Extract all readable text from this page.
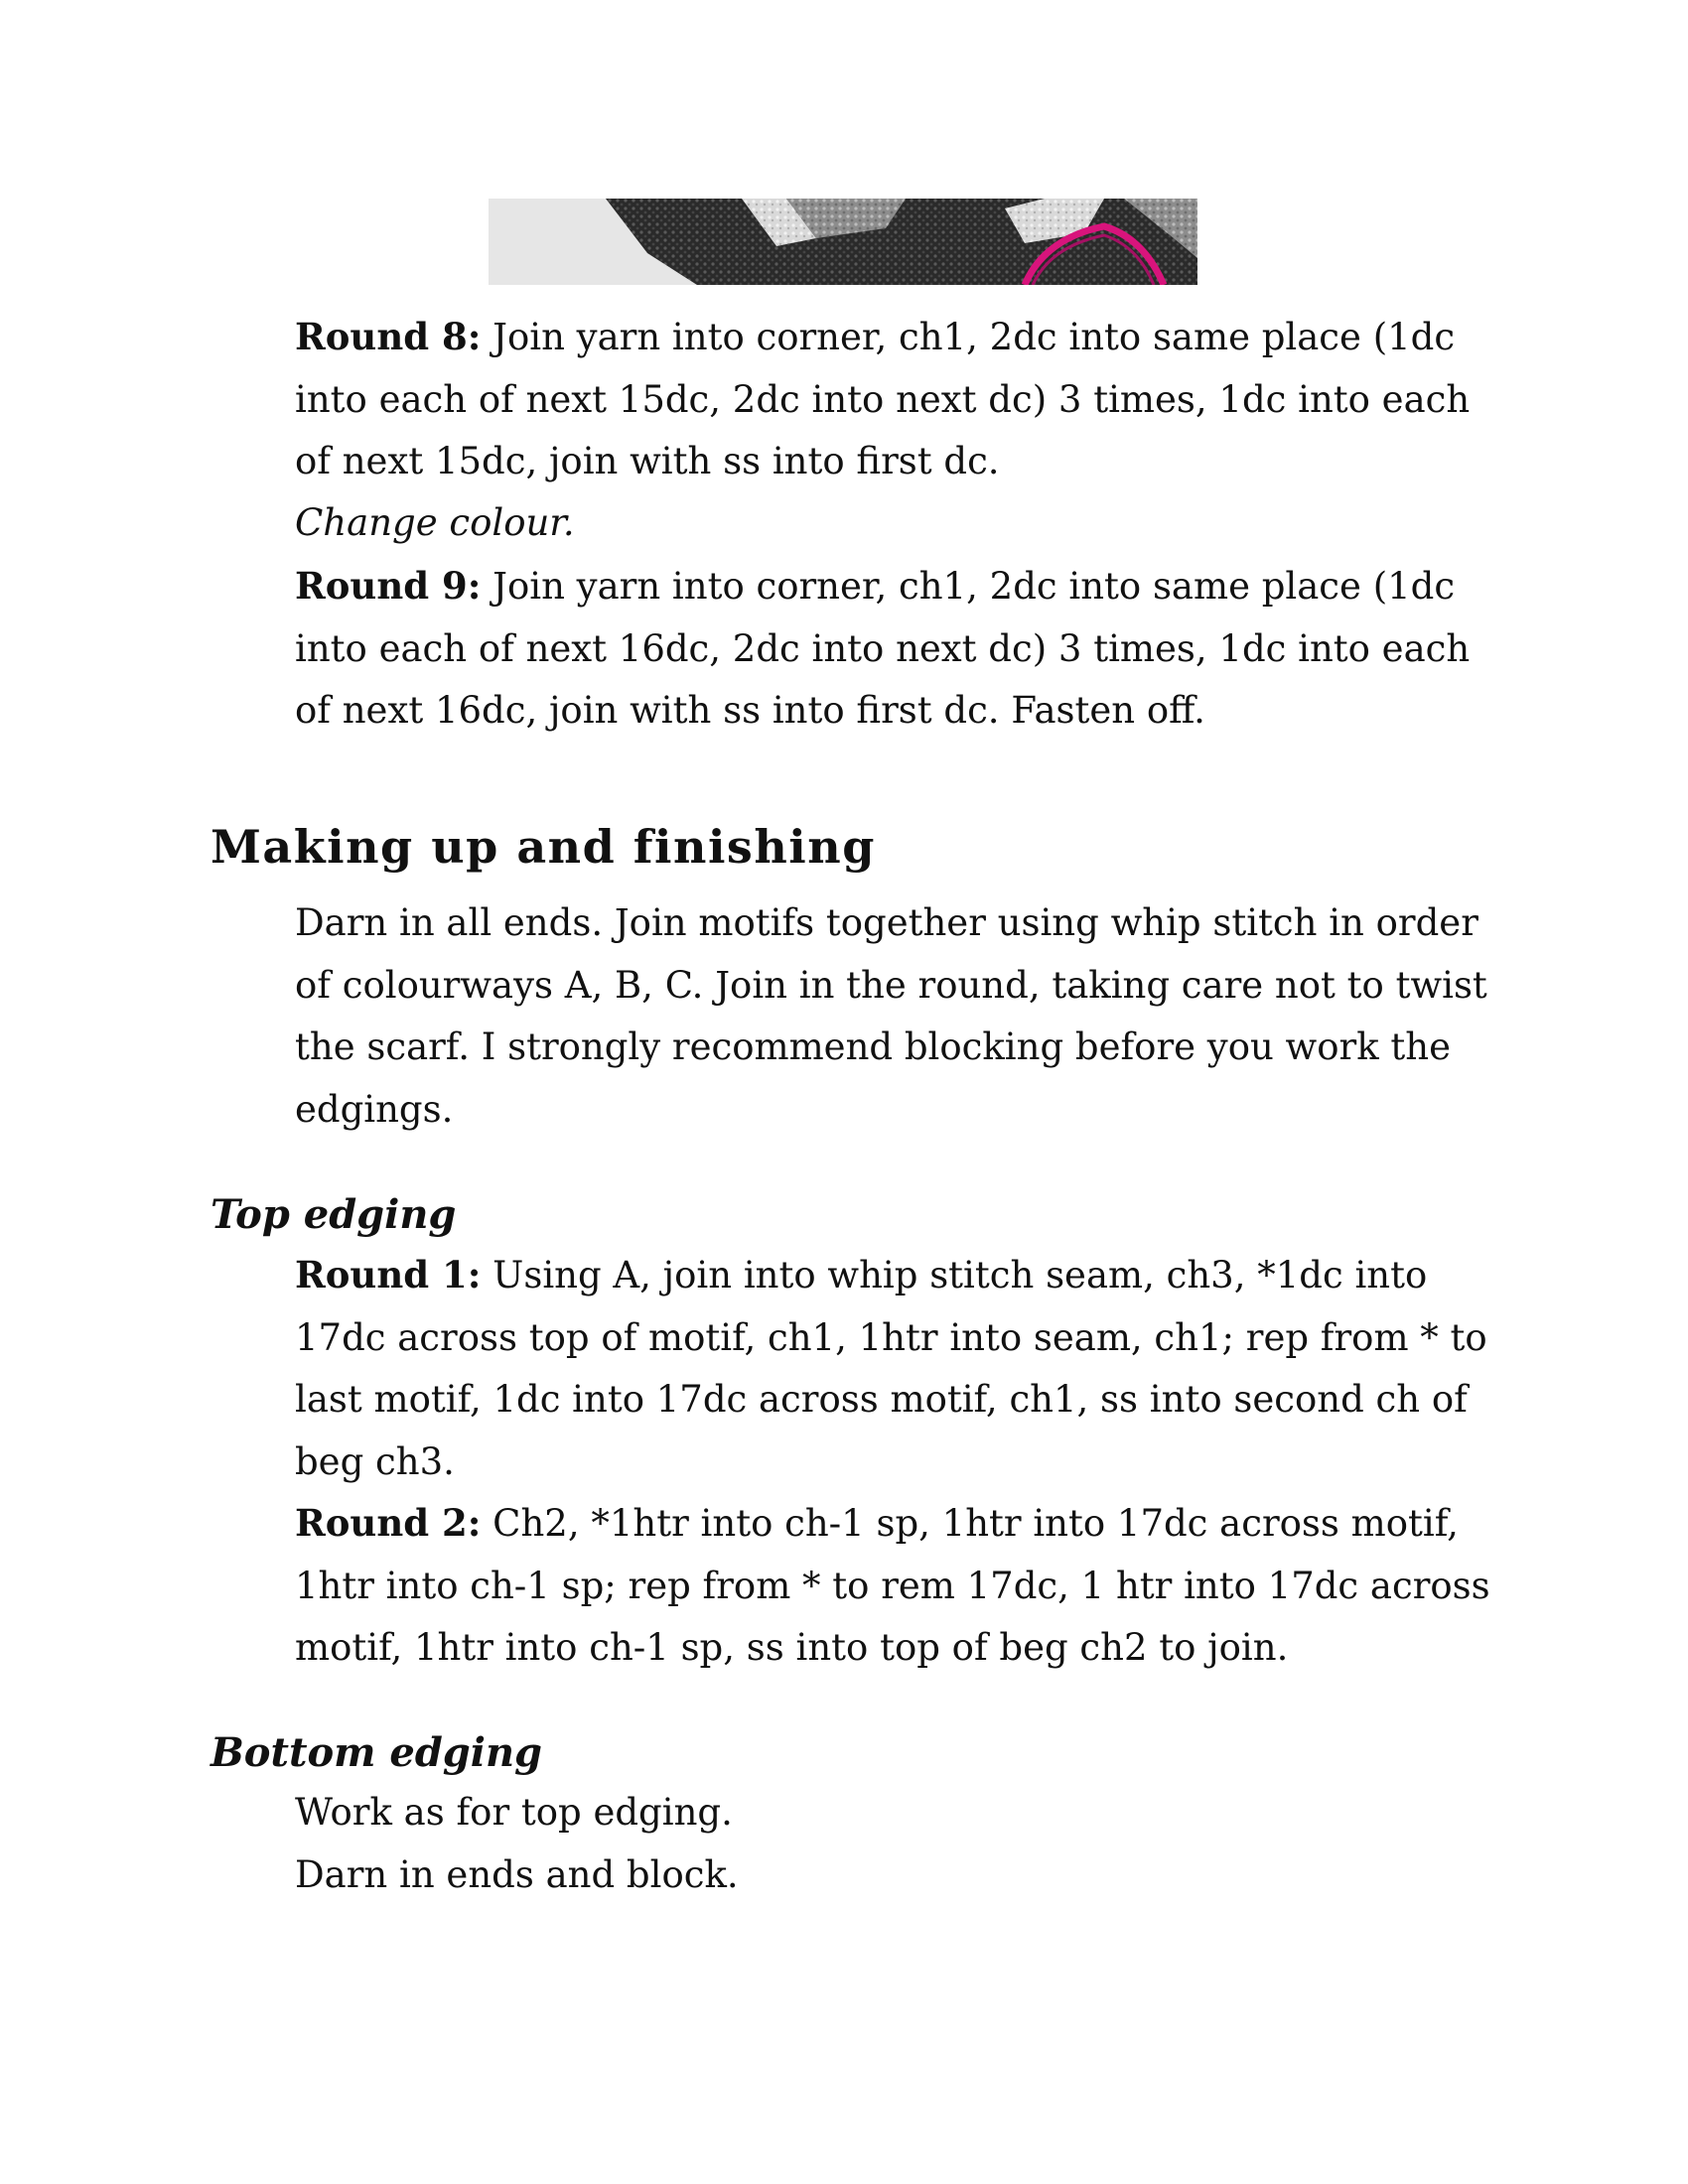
Round 8: Join yarn into corner, ch1, 2dc into same place (1dc into each of next 15dc, 2dc into next dc) 3 times, 1dc into each of next 15dc, join with ss into first dc.

Change colour.

Round 9: Join yarn into corner, ch1, 2dc into same place (1dc into each of next 16dc, 2dc into next dc) 3 times, 1dc into each of next 16dc, join with ss into first dc. Fasten off.

Making up and finishing

Darn in all ends. Join motifs together using whip stitch in order of colourways A, B, C. Join in the round, taking care not to twist the scarf. I strongly recommend blocking before you work the edgings.

Top edging

Round 1: Using A, join into whip stitch seam, ch3, *1dc into 17dc across top of motif, ch1, 1htr into seam, ch1; rep from * to last motif, 1dc into 17dc across motif, ch1, ss into second ch of beg ch3.

Round 2: Ch2, *1htr into ch-1 sp, 1htr into 17dc across motif, 1htr into ch-1 sp; rep from * to rem 17dc, 1 htr into 17dc across motif, 1htr into ch-1 sp, ss into top of beg ch2 to join.

Bottom edging

Work as for top edging.

Darn in ends and block.
